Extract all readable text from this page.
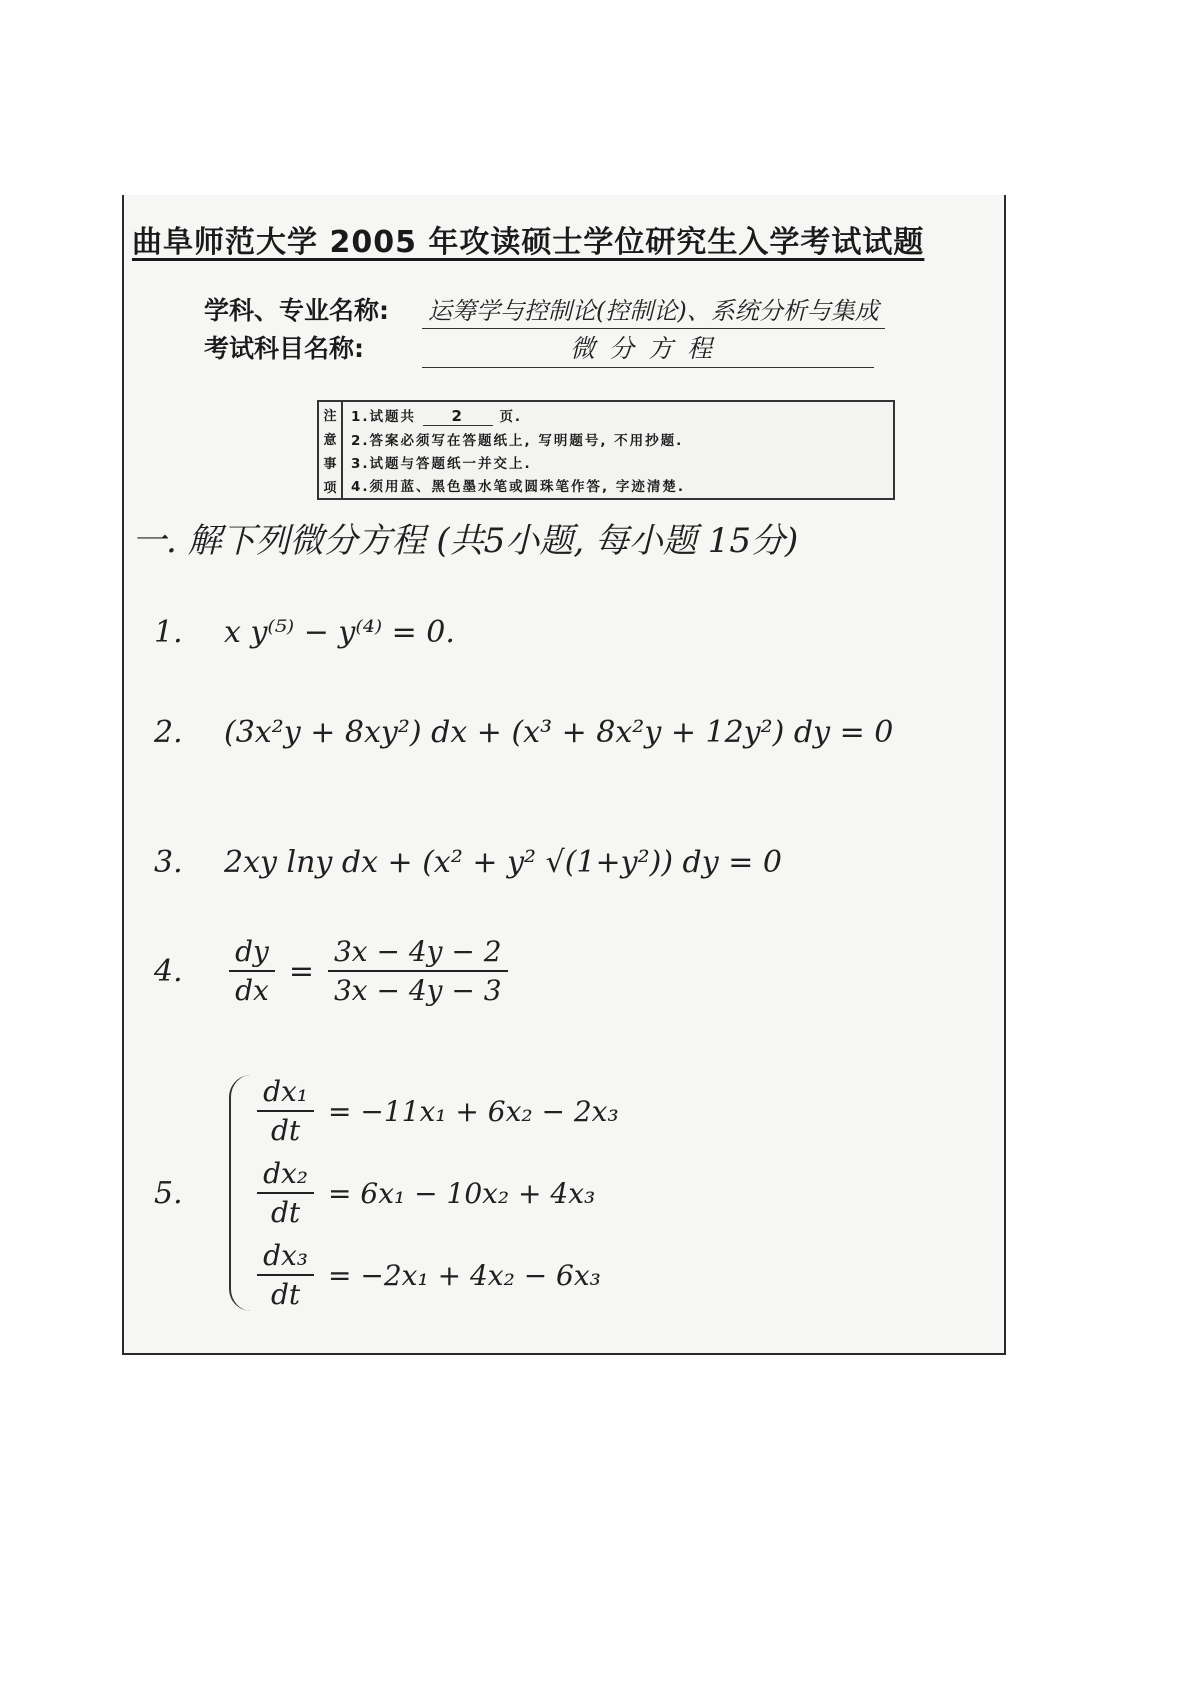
曲阜师范大学 2005 年攻读硕士学位研究生入学考试试题
学科、专业名称: 运筹学与控制论(控制论)、系统分析与集成
考试科目名称:	微分方程
注
意
事
项
1.试题共 2	页.
2.答案必须写在答题纸上, 写明题号, 不用抄题.
3.试题与答题纸一并交上.
4.须用蓝、黑色墨水笔或圆珠笔作答, 字迹清楚.
一. 解下列微分方程 (共5小题, 每小题 15分)
1. x y⁽⁵⁾ − y⁽⁴⁾ = 0.
2. (3x²y + 8xy²) dx + (x³ + 8x²y + 12y²) dy = 0
3. 2xy lny dx + (x² + y² √(1+y²)) dy = 0
4. $\frac{dy}{dx} = \frac{3x - 4y - 2}{3x - 4y - 3}$
5.
$\frac{\text{dx₁}}{dt} = -11x_1 + 6x_2 - 2x_3$
$\frac{\text{dx₂}}{dt} = 6x_1 - 10x_2 + 4x_3$
$\frac{\text{dx₃}}{dt} = -2x_1 + 4x_2 - 6x_3$
